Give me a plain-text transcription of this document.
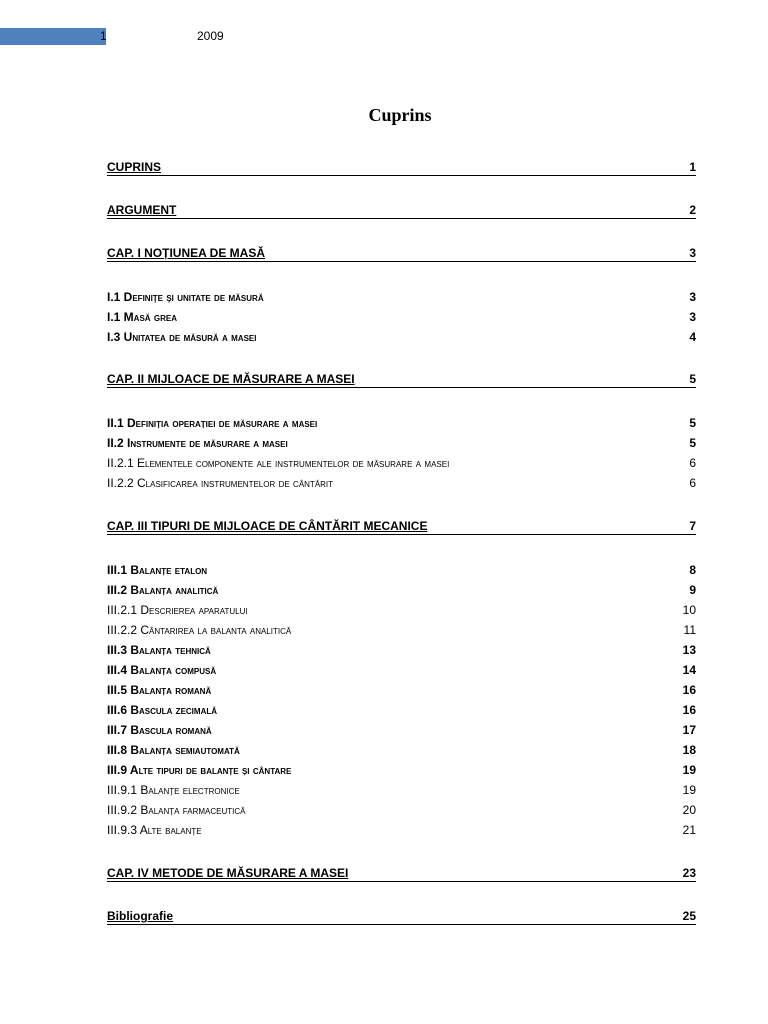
1	2009
Cuprins
CUPRINS	1
ARGUMENT	2
CAP. I NOȚIUNEA DE MASĂ	3
I.1 Definiţe şi unitate de măsură	3
I.1 Masă grea	3
I.3 Unitatea de măsură a masei	4
CAP. II MIJLOACE DE MĂSURARE A MASEI	5
II.1 Definiția operației de măsurare a masei	5
II.2 Instrumente de măsurare a masei	5
II.2.1 Elementele componente ale instrumentelor de măsurare a masei	6
II.2.2 Clasificarea instrumentelor de cântărit	6
CAP. III TIPURI DE MIJLOACE DE CÂNTĂRIT MECANICE	7
III.1 Balanțe etalon	8
III.2 Balanța analitică	9
III.2.1 Descrierea aparatului	10
III.2.2 Cântarirea la balanta analitică	11
III.3 Balanța tehnică	13
III.4 Balanța compusă	14
III.5 Balanța romană	16
III.6 Bascula zecimală	16
III.7 Bascula romană	17
III.8 Balanța semiautomată	18
III.9 Alte tipuri de balanțe și cântare	19
III.9.1 Balanțe electronice	19
III.9.2 Balanța farmaceutică	20
III.9.3 Alte balanțe	21
CAP. IV METODE DE MĂSURARE A MASEI	23
Bibliografie	25
